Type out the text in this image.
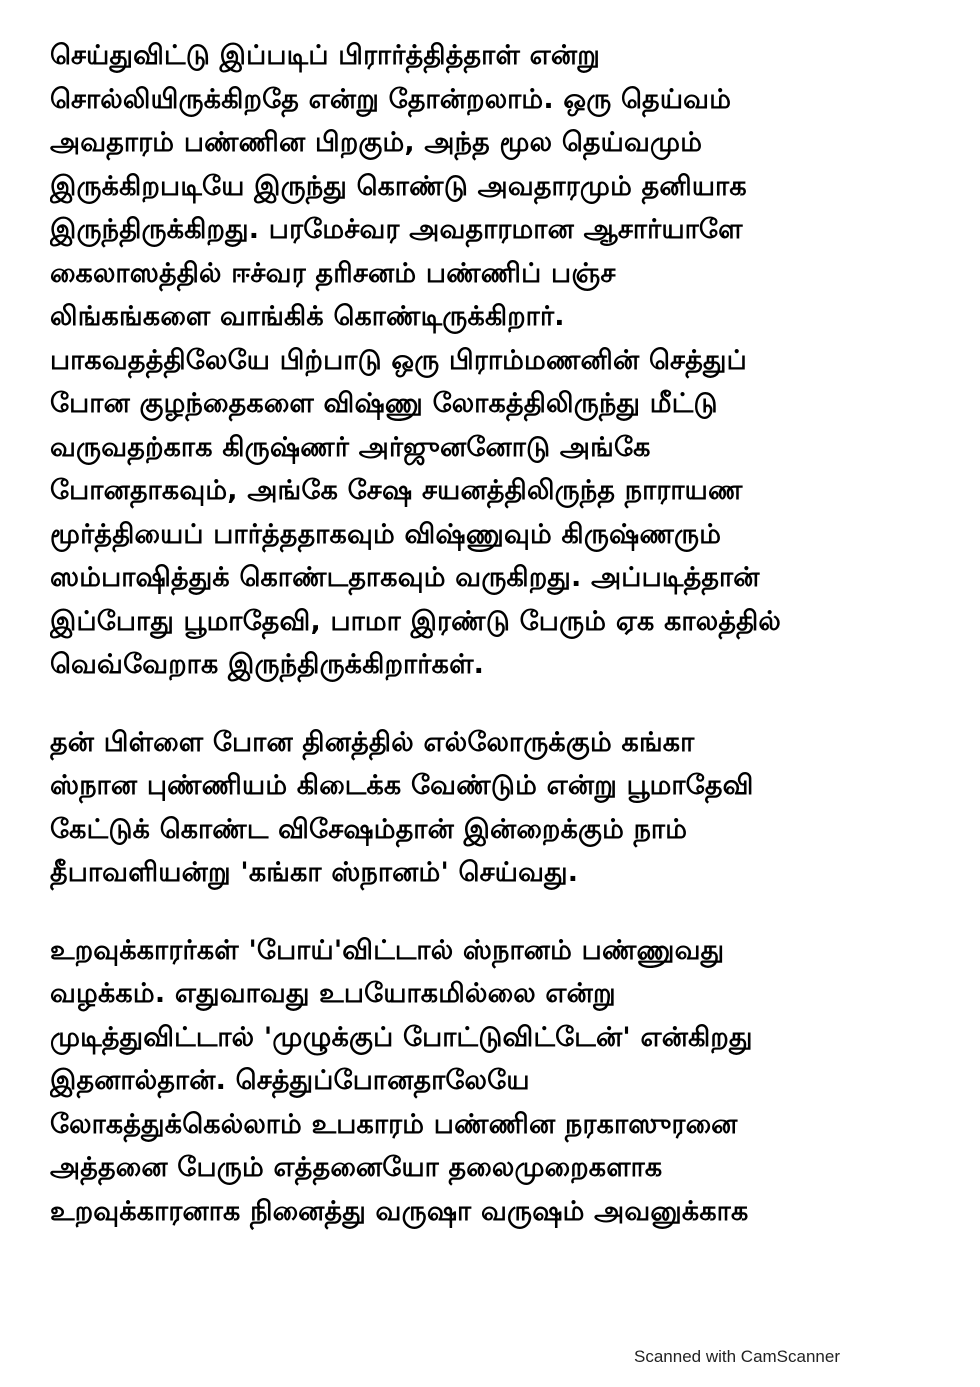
செய்துவிட்டு இப்படிப் பிரார்த்தித்தாள் என்று
சொல்லியிருக்கிறதே என்று தோன்றலாம். ஒரு தெய்வம்
அவதாரம் பண்ணின பிறகும், அந்த மூல தெய்வமும்
இருக்கிறபடியே இருந்து கொண்டு அவதாரமும் தனியாக
இருந்திருக்கிறது. பரமேச்வர அவதாரமான ஆசார்யாளே
கைலாஸத்தில் ஈச்வர தரிசனம் பண்ணிப் பஞ்ச
லிங்கங்களை வாங்கிக் கொண்டிருக்கிறார்.
பாகவதத்திலேயே பிற்பாடு ஒரு பிராம்மணனின் செத்துப்
போன குழந்தைகளை விஷ்ணு லோகத்திலிருந்து மீட்டு
வருவதற்காக கிருஷ்ணர் அர்ஜுனனோடு அங்கே
போனதாகவும், அங்கே சேஷ சயனத்திலிருந்த நாராயண
மூர்த்தியைப் பார்த்ததாகவும் விஷ்ணுவும் கிருஷ்ணரும்
ஸம்பாஷித்துக் கொண்டதாகவும் வருகிறது. அப்படித்தான்
இப்போது பூமாதேவி, பாமா இரண்டு பேரும் ஏக காலத்தில்
வெவ்வேறாக இருந்திருக்கிறார்கள்.

தன் பிள்ளை போன தினத்தில் எல்லோருக்கும் கங்கா
ஸ்நான புண்ணியம் கிடைக்க வேண்டும் என்று பூமாதேவி
கேட்டுக் கொண்ட விசேஷம்தான் இன்றைக்கும் நாம்
தீபாவளியன்று 'கங்கா ஸ்நானம்' செய்வது.

உறவுக்காரர்கள் 'போய்'விட்டால் ஸ்நானம் பண்ணுவது
வழக்கம். எதுவாவது உபயோகமில்லை என்று
முடித்துவிட்டால் 'முழுக்குப் போட்டுவிட்டேன்' என்கிறது
இதனால்தான். செத்துப்போனதாலேயே
லோகத்துக்கெல்லாம் உபகாரம் பண்ணின நரகாஸுரனை
அத்தனை பேரும் எத்தனையோ தலைமுறைகளாக
உறவுக்காரனாக நினைத்து வருஷா வருஷம் அவனுக்காக

Scanned with CamScanner
